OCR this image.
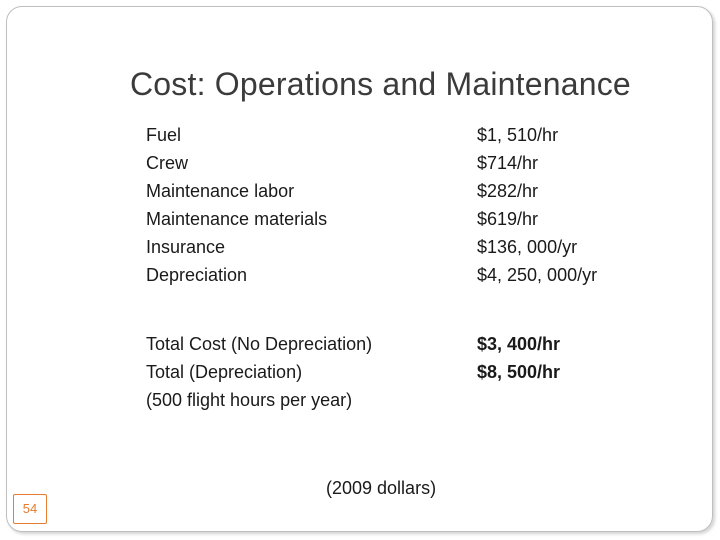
Cost: Operations and Maintenance
Fuel
Crew
Maintenance labor
Maintenance materials
Insurance
Depreciation
$1, 510/hr
$714/hr
$282/hr
$619/hr
$136, 000/yr
$4, 250, 000/yr
Total Cost (No Depreciation)
Total (Depreciation)
(500 flight hours per year)
$3, 400/hr
$8, 500/hr
(2009 dollars)
54
